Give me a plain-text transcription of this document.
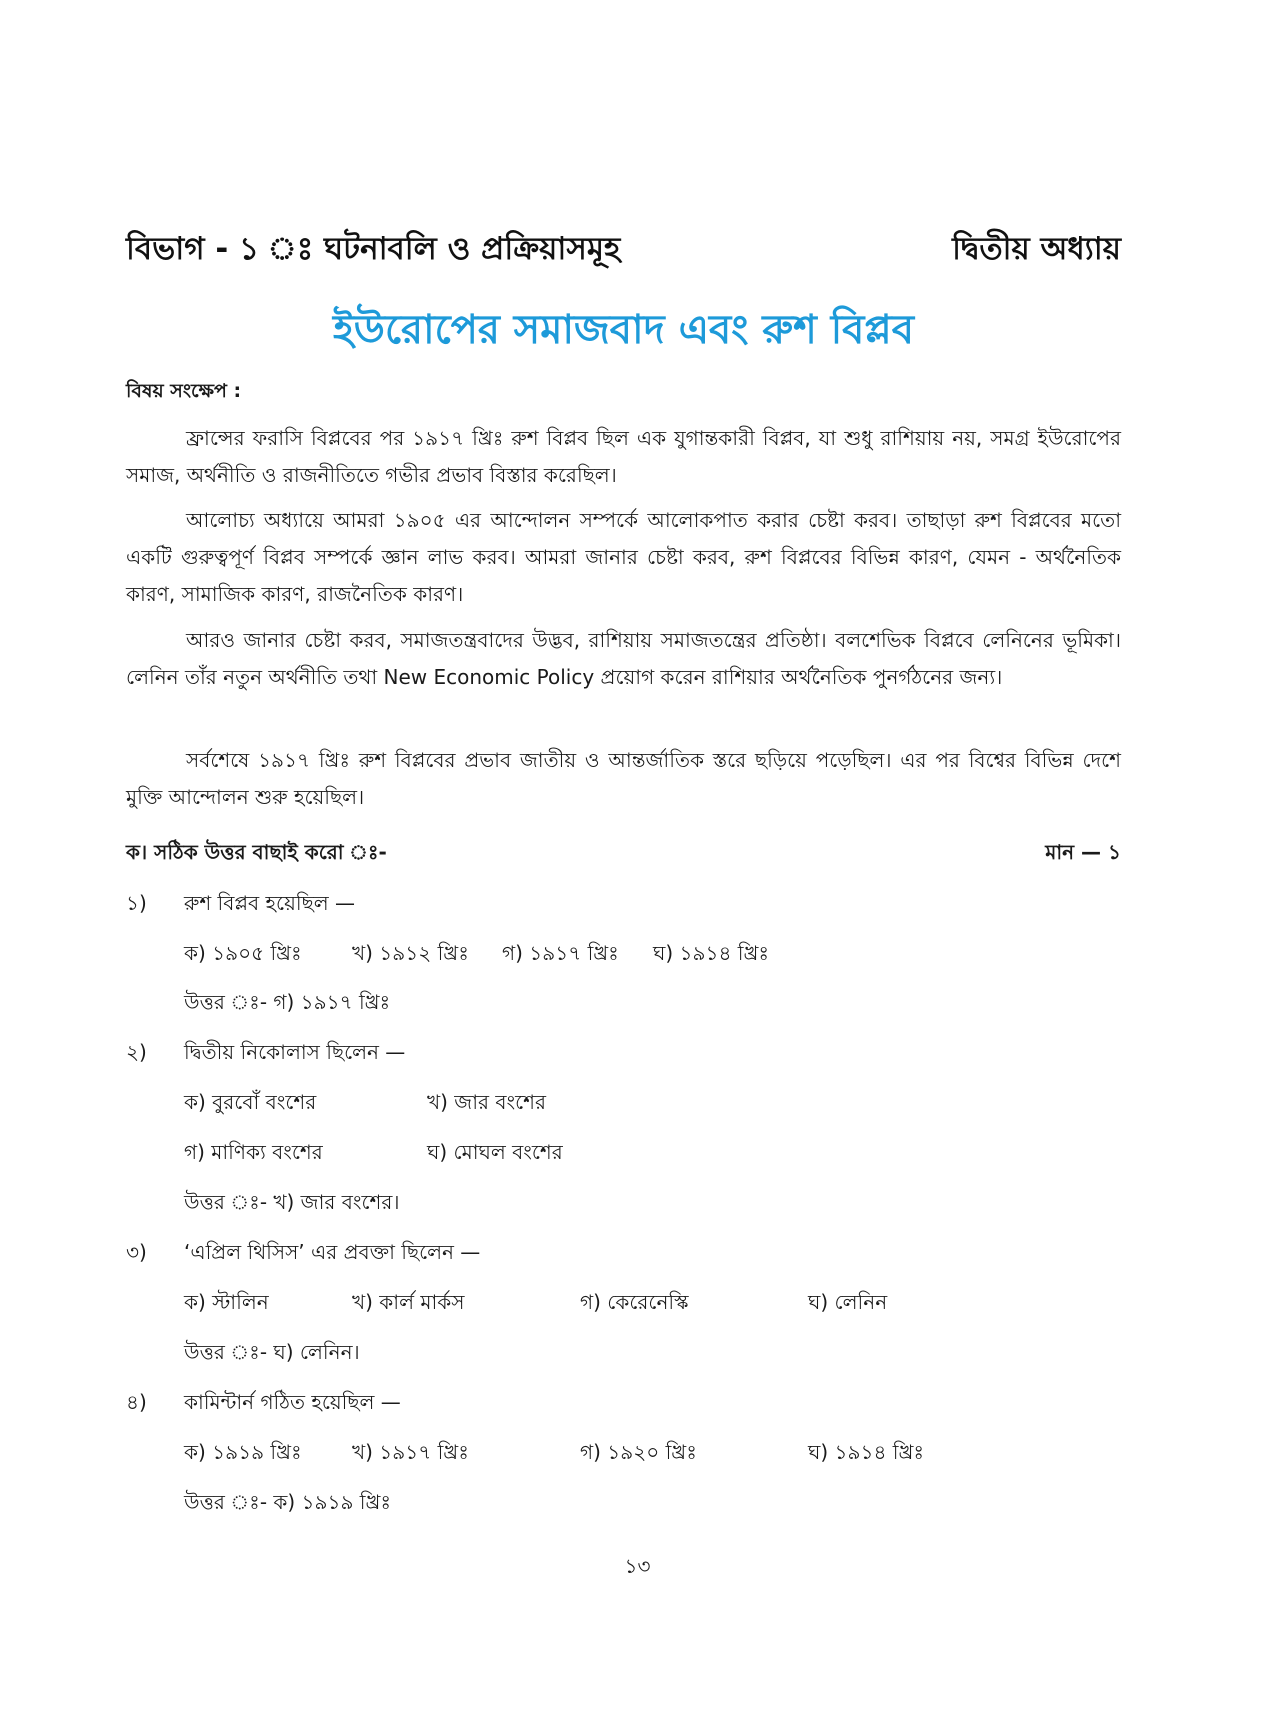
বিভাগ - ১ ঃ ঘটনাবলি ও প্রক্রিয়াসমূহ	দ্বিতীয় অধ্যায়
ইউরোপের সমাজবাদ এবং রুশ বিপ্লব
বিষয় সংক্ষেপ :

ফ্রান্সের ফরাসি বিপ্লবের পর ১৯১৭ খ্রিঃ রুশ বিপ্লব ছিল এক যুগান্তকারী বিপ্লব, যা শুধু রাশিয়ায় নয়, সমগ্র ইউরোপের সমাজ, অর্থনীতি ও রাজনীতিতে গভীর প্রভাব বিস্তার করেছিল।

আলোচ্য অধ্যায়ে আমরা ১৯০৫ এর আন্দোলন সম্পর্কে আলোকপাত করার চেষ্টা করব। তাছাড়া রুশ বিপ্লবের মতো একটি গুরুত্বপূর্ণ বিপ্লব সম্পর্কে জ্ঞান লাভ করব। আমরা জানার চেষ্টা করব, রুশ বিপ্লবের বিভিন্ন কারণ, যেমন - অর্থনৈতিক কারণ, সামাজিক কারণ, রাজনৈতিক কারণ।

আরও জানার চেষ্টা করব, সমাজতন্ত্রবাদের উদ্ভব, রাশিয়ায় সমাজতন্ত্রের প্রতিষ্ঠা। বলশেভিক বিপ্লবে লেনিনের ভূমিকা। লেনিন তাঁর নতুন অর্থনীতি তথা New Economic Policy প্রয়োগ করেন রাশিয়ার অর্থনৈতিক পুনর্গঠনের জন্য।

সর্বশেষে ১৯১৭ খ্রিঃ রুশ বিপ্লবের প্রভাব জাতীয় ও আন্তর্জাতিক স্তরে ছড়িয়ে পড়েছিল। এর পর বিশ্বের বিভিন্ন দেশে মুক্তি আন্দোলন শুরু হয়েছিল।

ক। সঠিক উত্তর বাছাই করো ঃ-	মান — ১
১) রুশ বিপ্লব হয়েছিল —
ক) ১৯০৫ খ্রিঃ	খ) ১৯১২ খ্রিঃ গ) ১৯১৭ খ্রিঃ ঘ) ১৯১৪ খ্রিঃ
উত্তর ঃ- গ) ১৯১৭ খ্রিঃ
২) দ্বিতীয় নিকোলাস ছিলেন —
ক) বুরবোঁ বংশের	খ) জার বংশের
গ) মাণিক্য বংশের	ঘ) মোঘল বংশের
উত্তর ঃ- খ) জার বংশের।
৩) ‘এপ্রিল থিসিস’ এর প্রবক্তা ছিলেন —
ক) স্টালিন	খ) কার্ল মার্কস	গ) কেরেনেস্কি	ঘ) লেনিন
উত্তর ঃ- ঘ) লেনিন।
৪) কামিন্টার্ন গঠিত হয়েছিল —
ক) ১৯১৯ খ্রিঃ	খ) ১৯১৭ খ্রিঃ	গ) ১৯২০ খ্রিঃ	ঘ) ১৯১৪ খ্রিঃ
উত্তর ঃ- ক) ১৯১৯ খ্রিঃ
১৩
